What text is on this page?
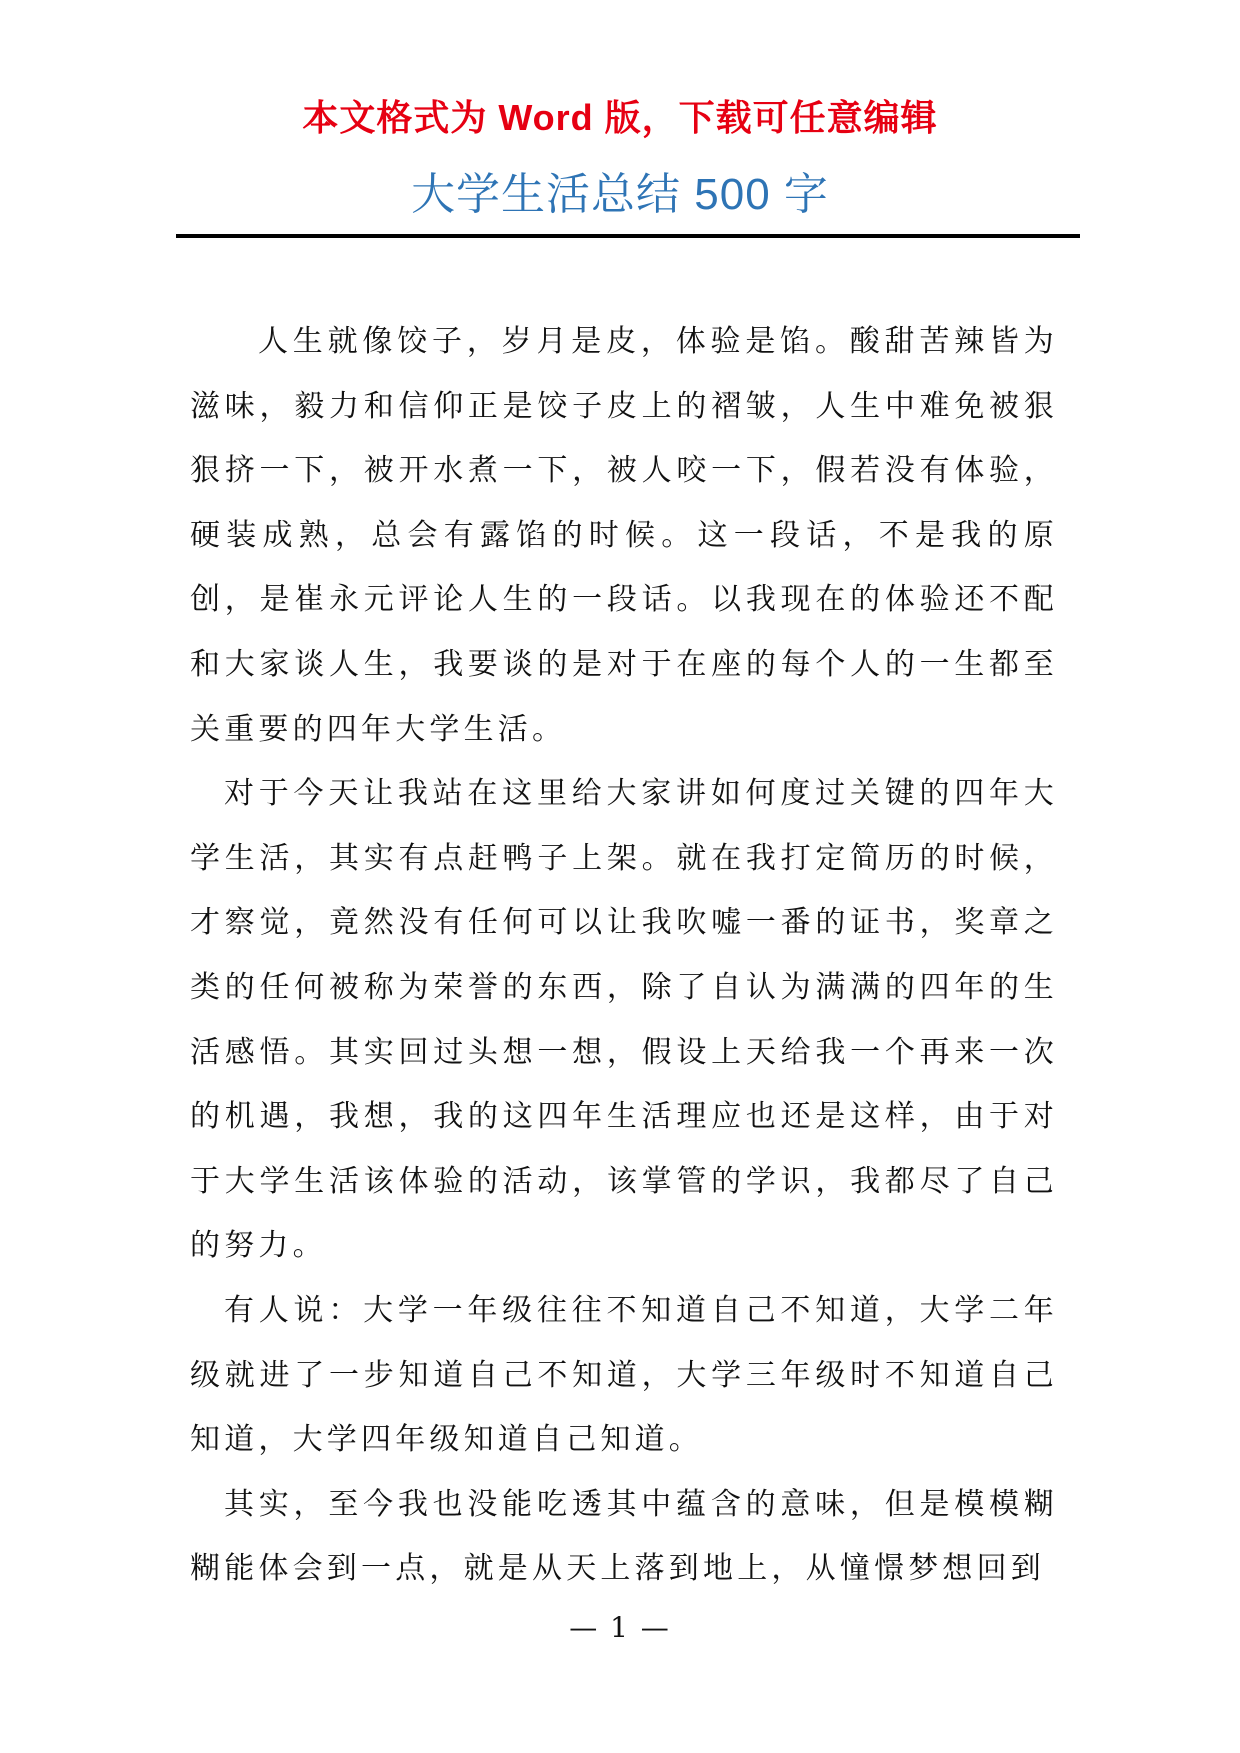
本文格式为 Word 版，下载可任意编辑
大学生活总结 500 字

人生就像饺子，岁月是皮，体验是馅。酸甜苦辣皆为滋味，毅力和信仰正是饺子皮上的褶皱，人生中难免被狠狠挤一下，被开水煮一下，被人咬一下，假若没有体验，硬装成熟，总会有露馅的时候。这一段话，不是我的原创，是崔永元评论人生的一段话。以我现在的体验还不配和大家谈人生，我要谈的是对于在座的每个人的一生都至关重要的四年大学生活。

对于今天让我站在这里给大家讲如何度过关键的四年大学生活，其实有点赶鸭子上架。就在我打定简历的时候，才察觉，竟然没有任何可以让我吹嘘一番的证书，奖章之类的任何被称为荣誉的东西，除了自认为满满的四年的生活感悟。其实回过头想一想，假设上天给我一个再来一次的机遇，我想，我的这四年生活理应也还是这样，由于对于大学生活该体验的活动，该掌管的学识，我都尽了自己的努力。

有人说：大学一年级往往不知道自己不知道，大学二年级就进了一步知道自己不知道，大学三年级时不知道自己知道，大学四年级知道自己知道。

其实，至今我也没能吃透其中蕴含的意味，但是模模糊糊能体会到一点，就是从天上落到地上，从憧憬梦想回到

— 1 —
